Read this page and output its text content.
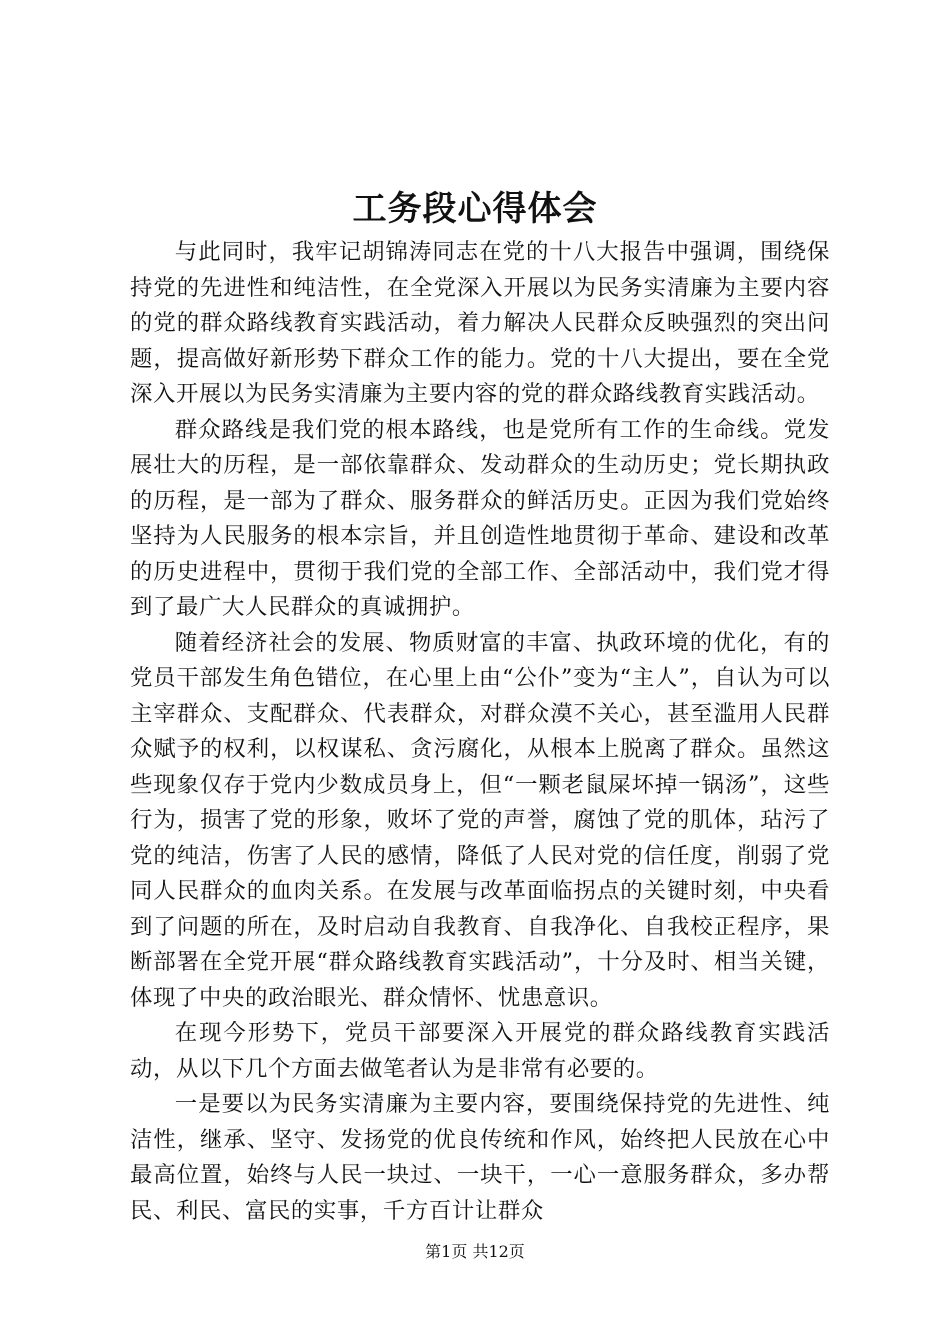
工务段心得体会

与此同时，我牢记胡锦涛同志在党的十八大报告中强调，围绕保持党的先进性和纯洁性，在全党深入开展以为民务实清廉为主要内容的党的群众路线教育实践活动，着力解决人民群众反映强烈的突出问题，提高做好新形势下群众工作的能力。党的十八大提出，要在全党深入开展以为民务实清廉为主要内容的党的群众路线教育实践活动。

群众路线是我们党的根本路线，也是党所有工作的生命线。党发展壮大的历程，是一部依靠群众、发动群众的生动历史；党长期执政的历程，是一部为了群众、服务群众的鲜活历史。正因为我们党始终坚持为人民服务的根本宗旨，并且创造性地贯彻于革命、建设和改革的历史进程中，贯彻于我们党的全部工作、全部活动中，我们党才得到了最广大人民群众的真诚拥护。

随着经济社会的发展、物质财富的丰富、执政环境的优化，有的党员干部发生角色错位，在心里上由“公仆”变为“主人”，自认为可以主宰群众、支配群众、代表群众，对群众漠不关心，甚至滥用人民群众赋予的权利，以权谋私、贪污腐化，从根本上脱离了群众。虽然这些现象仅存于党内少数成员身上，但“一颗老鼠屎坏掉一锅汤”，这些行为，损害了党的形象，败坏了党的声誉，腐蚀了党的肌体，玷污了党的纯洁，伤害了人民的感情，降低了人民对党的信任度，削弱了党同人民群众的血肉关系。在发展与改革面临拐点的关键时刻，中央看到了问题的所在，及时启动自我教育、自我净化、自我校正程序，果断部署在全党开展“群众路线教育实践活动”，十分及时、相当关键，体现了中央的政治眼光、群众情怀、忧患意识。

在现今形势下，党员干部要深入开展党的群众路线教育实践活动，从以下几个方面去做笔者认为是非常有必要的。

一是要以为民务实清廉为主要内容，要围绕保持党的先进性、纯洁性，继承、坚守、发扬党的优良传统和作风，始终把人民放在心中最高位置，始终与人民一块过、一块干，一心一意服务群众，多办帮民、利民、富民的实事，千方百计让群众

第1页 共12页
